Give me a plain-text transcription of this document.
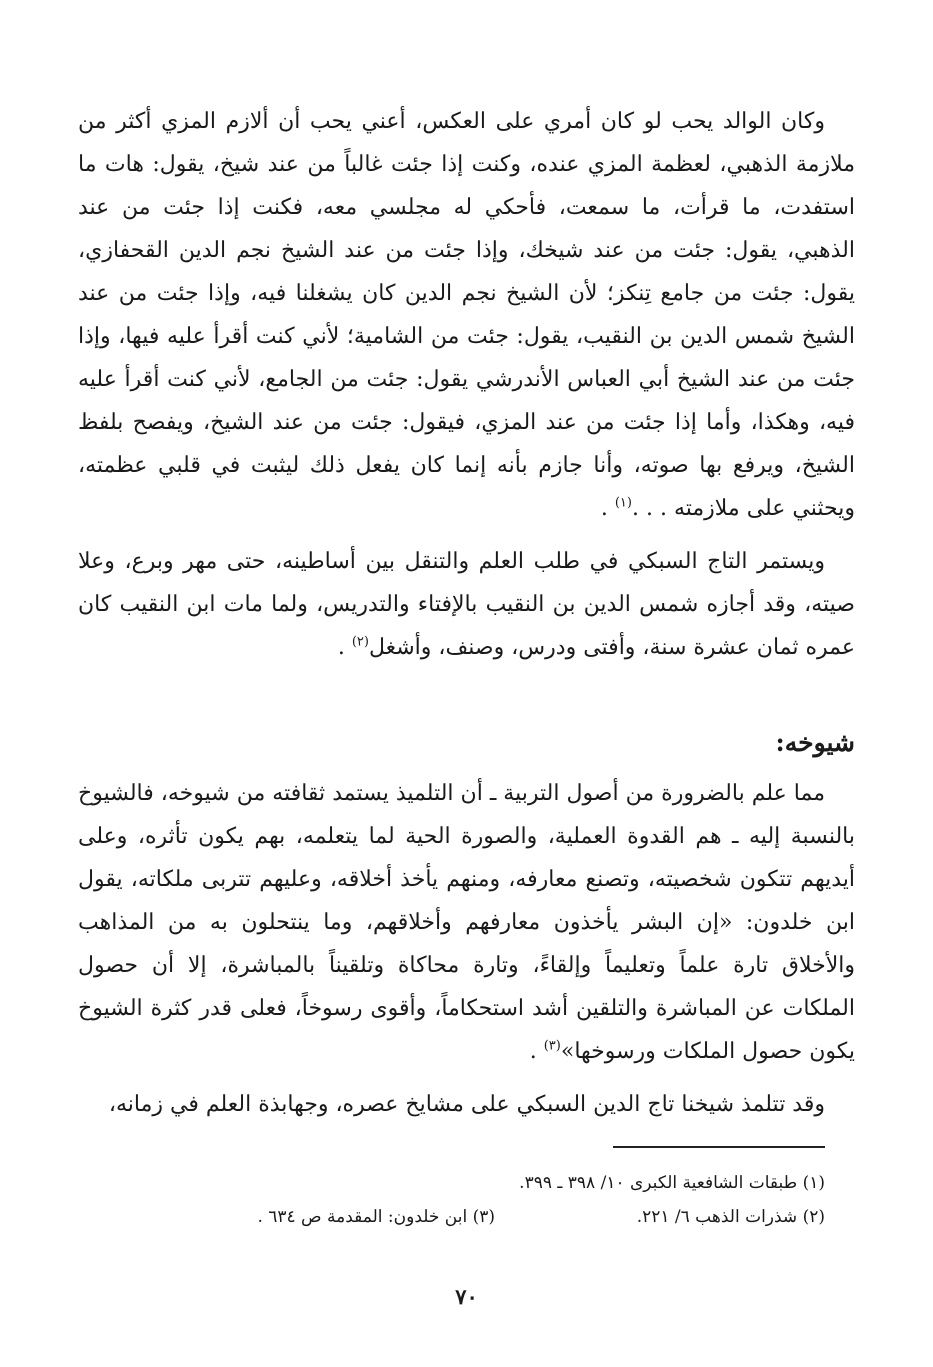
وكان الوالد يحب لو كان أمري على العكس، أعني يحب أن ألازم المزي أكثر من ملازمة الذهبي، لعظمة المزي عنده، وكنت إذا جئت غالباً من عند شيخ، يقول: هات ما استفدت، ما قرأت، ما سمعت، فأحكي له مجلسي معه، فكنت إذا جئت من عند الذهبي، يقول: جئت من عند شيخك، وإذا جئت من عند الشيخ نجم الدين القحفازي، يقول: جئت من جامع تِنكز؛ لأن الشيخ نجم الدين كان يشغلنا فيه، وإذا جئت من عند الشيخ شمس الدين بن النقيب، يقول: جئت من الشامية؛ لأني كنت أقرأ عليه فيها، وإذا جئت من عند الشيخ أبي العباس الأندرشي يقول: جئت من الجامع، لأني كنت أقرأ عليه فيه، وهكذا، وأما إذا جئت من عند المزي، فيقول: جئت من عند الشيخ، ويفصح بلفظ الشيخ، ويرفع بها صوته، وأنا جازم بأنه إنما كان يفعل ذلك ليثبت في قلبي عظمته، ويحثني على ملازمته . . .$^{(١)}$ .

ويستمر التاج السبكي في طلب العلم والتنقل بين أساطينه، حتى مهر وبرع، وعلا صيته، وقد أجازه شمس الدين بن النقيب بالإفتاء والتدريس، ولما مات ابن النقيب كان عمره ثمان عشرة سنة، وأفتى ودرس، وصنف، وأشغل$^{(٢)}$ .

شيوخه:

مما علم بالضرورة من أصول التربية ـ أن التلميذ يستمد ثقافته من شيوخه، فالشيوخ بالنسبة إليه ـ هم القدوة العملية، والصورة الحية لما يتعلمه، بهم يكون تأثره، وعلى أيديهم تتكون شخصيته، وتصنع معارفه، ومنهم يأخذ أخلاقه، وعليهم تتربى ملكاته، يقول ابن خلدون: «إن البشر يأخذون معارفهم وأخلاقهم، وما ينتحلون به من المذاهب والأخلاق تارة علماً وتعليماً وإلقاءً، وتارة محاكاة وتلقيناً بالمباشرة، إلا أن حصول الملكات عن المباشرة والتلقين أشد استحكاماً، وأقوى رسوخاً، فعلى قدر كثرة الشيوخ يكون حصول الملكات ورسوخها»$^{(٣)}$ .

وقد تتلمذ شيخنا تاج الدين السبكي على مشايخ عصره، وجهابذة العلم في زمانه،

(١) طبقات الشافعية الكبرى ١٠/ ٣٩٨ ـ ٣٩٩.
(٢) شذرات الذهب ٦/ ٢٢١.
(٣) ابن خلدون: المقدمة ص ٦٣٤ .
٧٠
